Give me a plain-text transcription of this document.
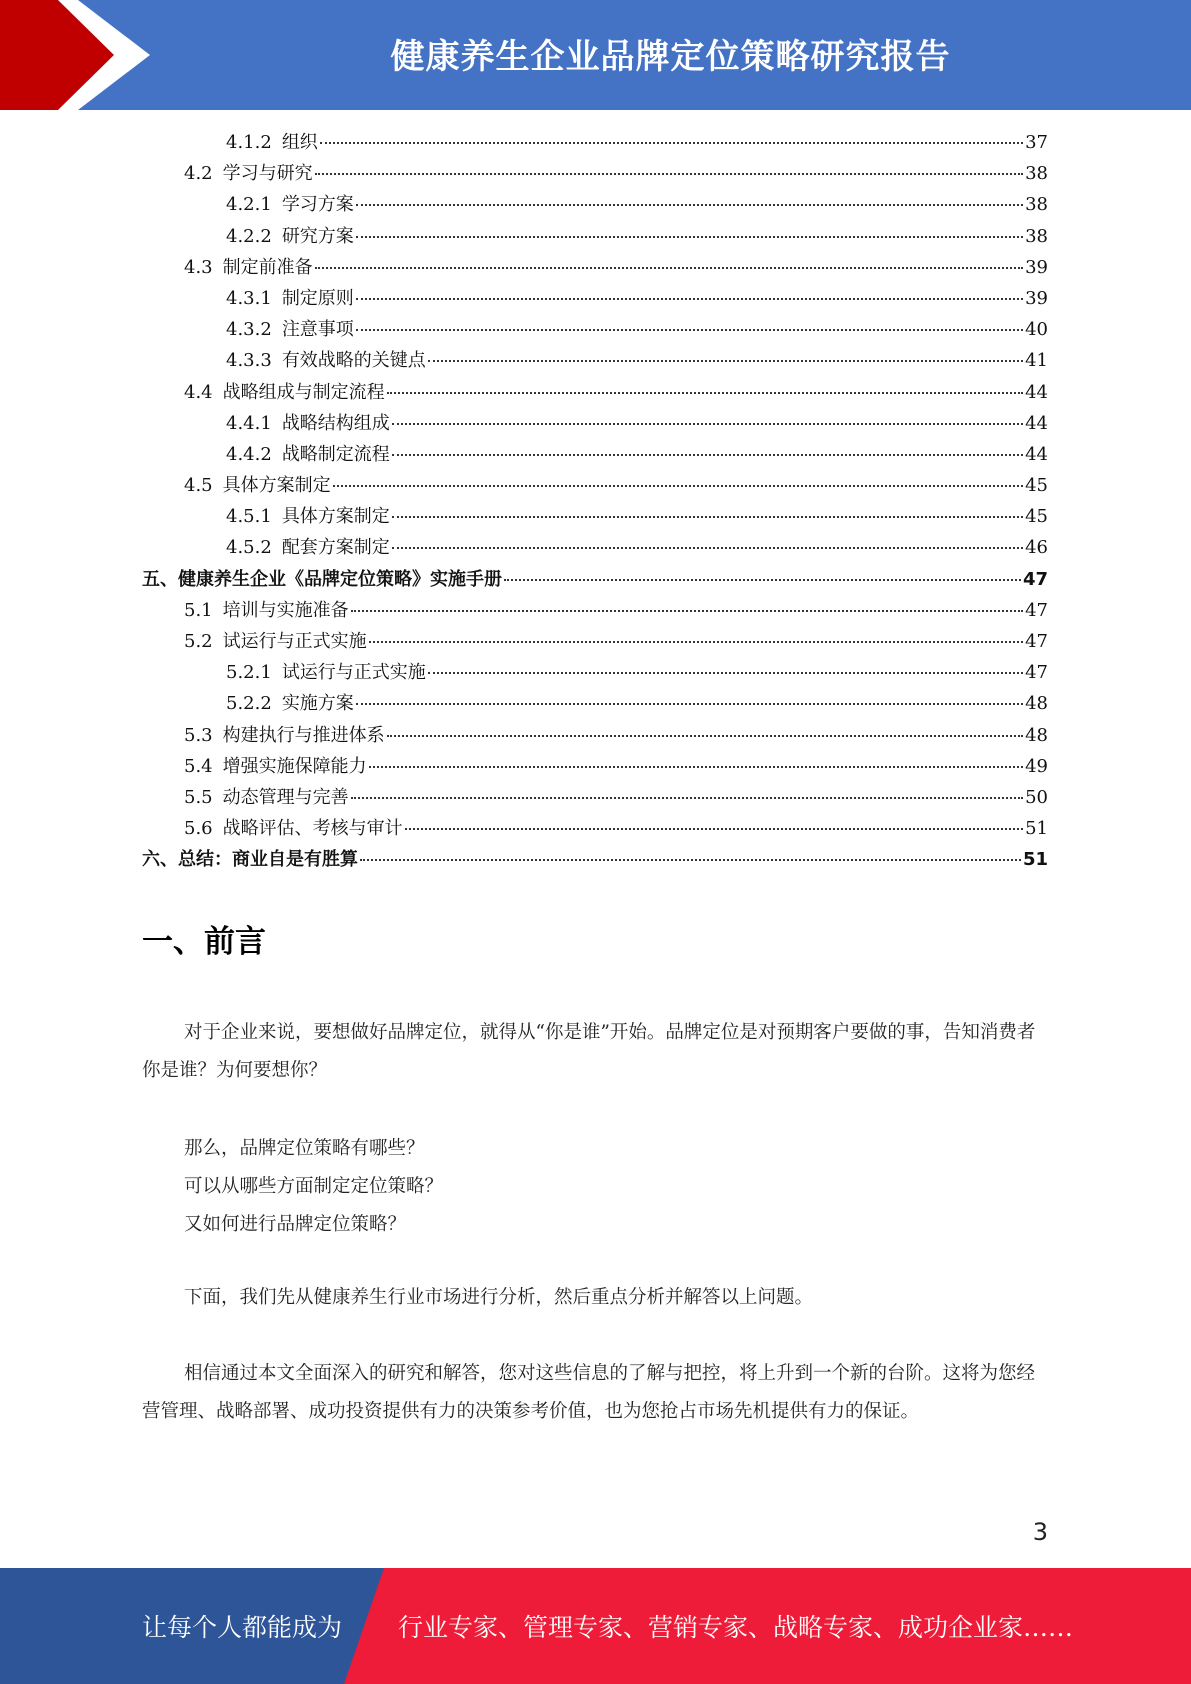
健康养生企业品牌定位策略研究报告
4.1.2 组织	37
4.2 学习与研究	38
4.2.1 学习方案	38
4.2.2 研究方案	38
4.3 制定前准备	39
4.3.1 制定原则	39
4.3.2 注意事项	40
4.3.3 有效战略的关键点	41
4.4 战略组成与制定流程	44
4.4.1 战略结构组成	44
4.4.2 战略制定流程	44
4.5 具体方案制定	45
4.5.1 具体方案制定	45
4.5.2 配套方案制定	46
五、 健康养生企业《品牌定位策略》实施手册	47
5.1 培训与实施准备	47
5.2 试运行与正式实施	47
5.2.1 试运行与正式实施	47
5.2.2 实施方案	48
5.3 构建执行与推进体系	48
5.4 增强实施保障能力	49
5.5 动态管理与完善	50
5.6 战略评估、考核与审计	51
六、 总结：商业自是有胜算	51
一、前言
对于企业来说，要想做好品牌定位，就得从“你是谁”开始。品牌定位是对预期客户要做的事，告知消费者你是谁？为何要想你？
那么，品牌定位策略有哪些？
可以从哪些方面制定定位策略？
又如何进行品牌定位策略？
下面，我们先从健康养生行业市场进行分析，然后重点分析并解答以上问题。
相信通过本文全面深入的研究和解答，您对这些信息的了解与把控，将上升到一个新的台阶。这将为您经营管理、战略部署、成功投资提供有力的决策参考价值，也为您抢占市场先机提供有力的保证。
3
让每个人都能成为 行业专家、管理专家、营销专家、战略专家、成功企业家……
